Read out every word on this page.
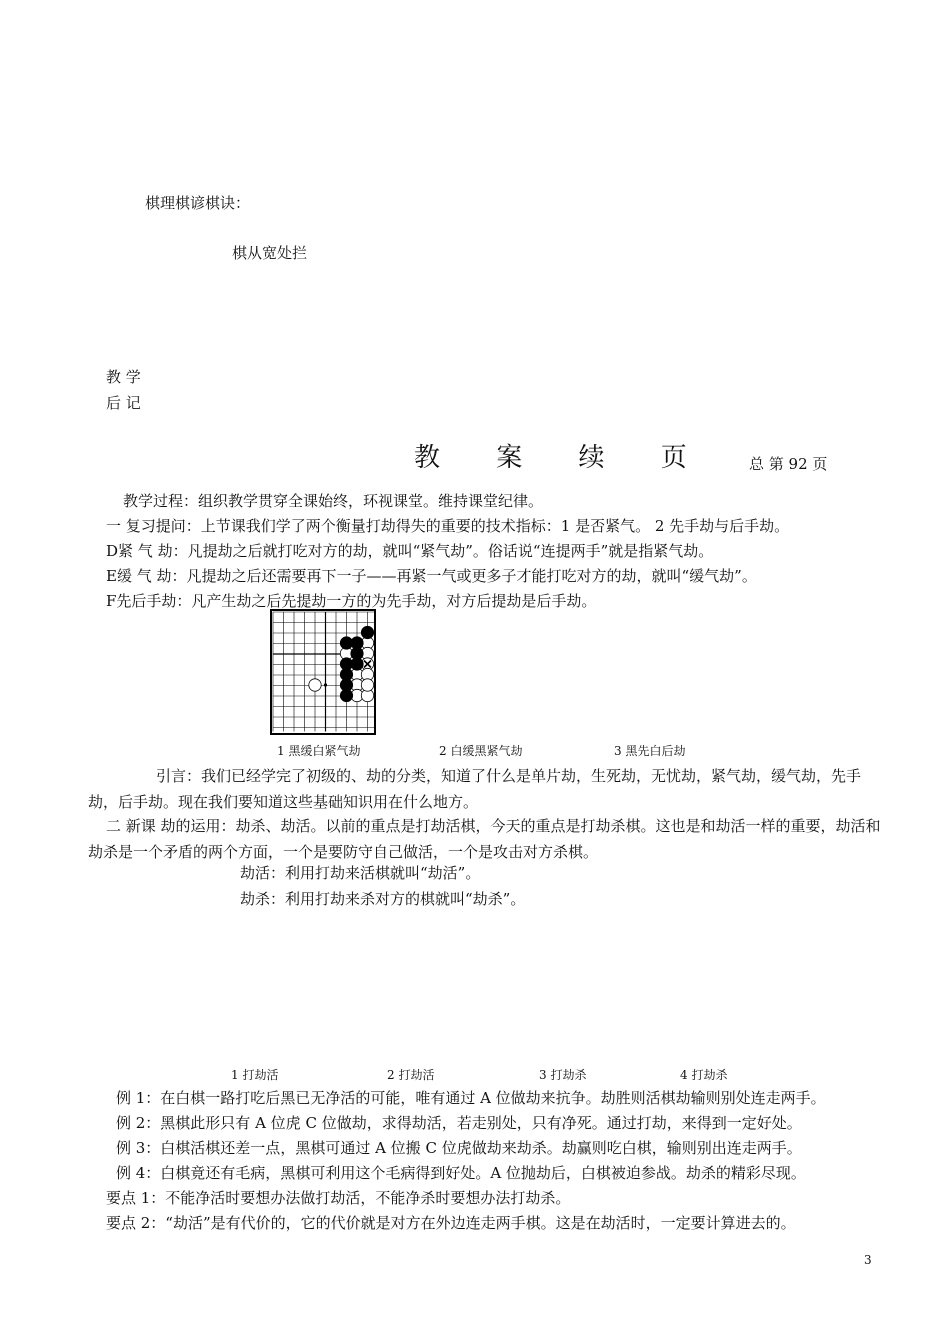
棋理棋谚棋诀：
棋从宽处拦
教 学
后 记
教 案 续 页	总 第 92 页
教学过程：组织教学贯穿全课始终，环视课堂。维持课堂纪律。
一 复习提问：上节课我们学了两个衡量打劫得失的重要的技术指标：1 是否紧气。 2 先手劫与后手劫。
D紧 气 劫：凡提劫之后就打吃对方的劫，就叫“紧气劫”。俗话说“连提两手”就是指紧气劫。
E缓 气 劫：凡提劫之后还需要再下一子——再紧一气或更多子才能打吃对方的劫，就叫“缓气劫”。
F先后手劫：凡产生劫之后先提劫一方的为先手劫，对方后提劫是后手劫。
1 黑缓白紧气劫	2 白缓黑紧气劫	3 黑先白后劫
引言：我们已经学完了初级的、劫的分类，知道了什么是单片劫，生死劫，无忧劫，紧气劫，缓气劫，先手劫，后手劫。现在我们要知道这些基础知识用在什么地方。
二 新课 劫的运用：劫杀、劫活。以前的重点是打劫活棋，今天的重点是打劫杀棋。这也是和劫活一样的重要，劫活和劫杀是一个矛盾的两个方面，一个是要防守自己做活，一个是攻击对方杀棋。
劫活：利用打劫来活棋就叫“劫活”。
劫杀：利用打劫来杀对方的棋就叫“劫杀”。
1 打劫活	2 打劫活	3 打劫杀	4 打劫杀
例 1：在白棋一路打吃后黑已无净活的可能，唯有通过 A 位做劫来抗争。劫胜则活棋劫输则别处连走两手。
例 2：黑棋此形只有 A 位虎 C 位做劫，求得劫活，若走别处，只有净死。通过打劫，来得到一定好处。
例 3：白棋活棋还差一点，黑棋可通过 A 位搬 C 位虎做劫来劫杀。劫赢则吃白棋，输则别出连走两手。
例 4：白棋竟还有毛病，黑棋可利用这个毛病得到好处。A 位抛劫后，白棋被迫参战。劫杀的精彩尽现。
要点 1：不能净活时要想办法做打劫活，不能净杀时要想办法打劫杀。
要点 2：“劫活”是有代价的，它的代价就是对方在外边连走两手棋。这是在劫活时，一定要计算进去的。
3
